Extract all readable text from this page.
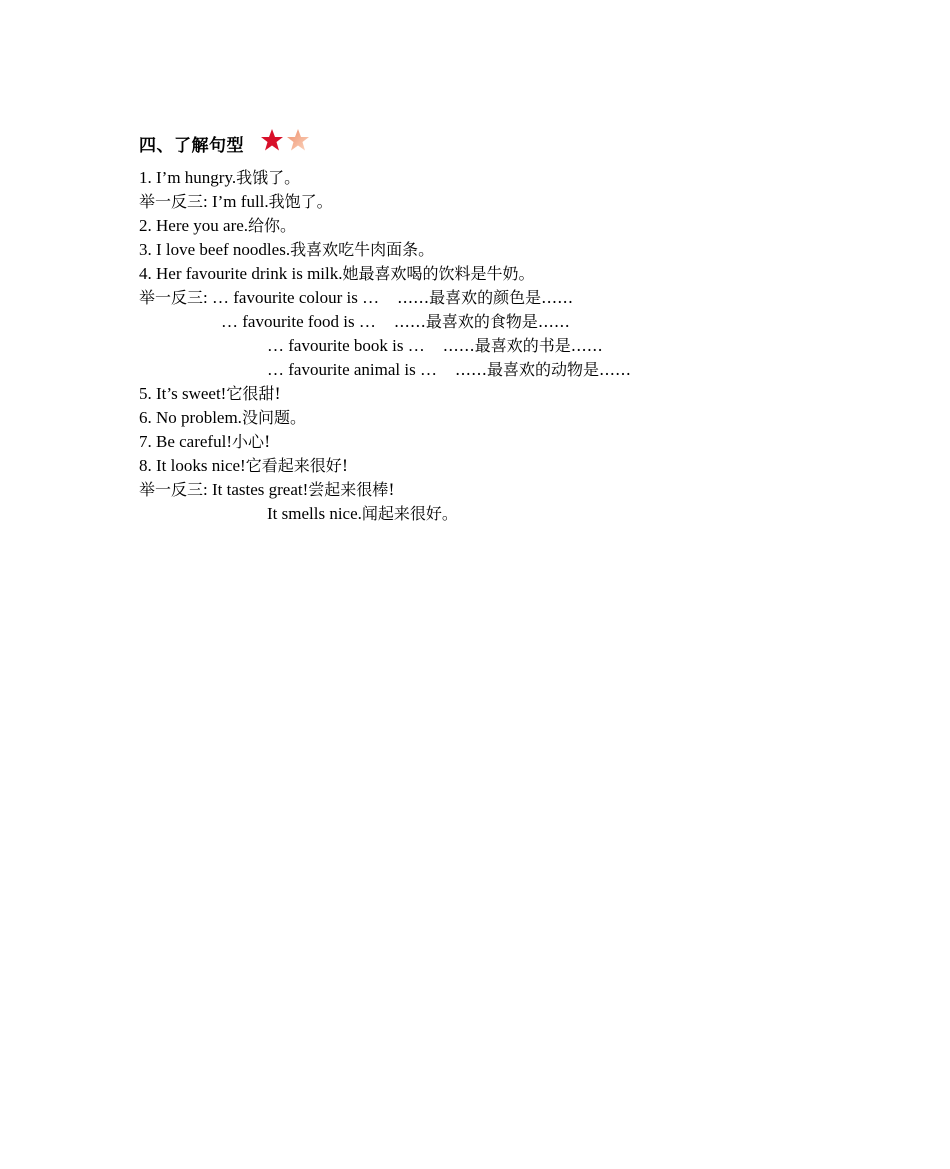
四、了解句型
1. I’m hungry.我饿了。
举一反三: I’m full.我饱了。
2. Here you are.给你。
3. I love beef noodles.我喜欢吃牛肉面条。
4. Her favourite drink is milk.她最喜欢喝的饮料是牛奶。
举一反三: … favourite colour is … ……最喜欢的颜色是……
… favourite food is … ……最喜欢的食物是……
… favourite book is … ……最喜欢的书是……
… favourite animal is … ……最喜欢的动物是……
5. It’s sweet!它很甜!
6. No problem.没问题。
7. Be careful!小心!
8. It looks nice!它看起来很好!
举一反三: It tastes great!尝起来很棒!
It smells nice.闻起来很好。
